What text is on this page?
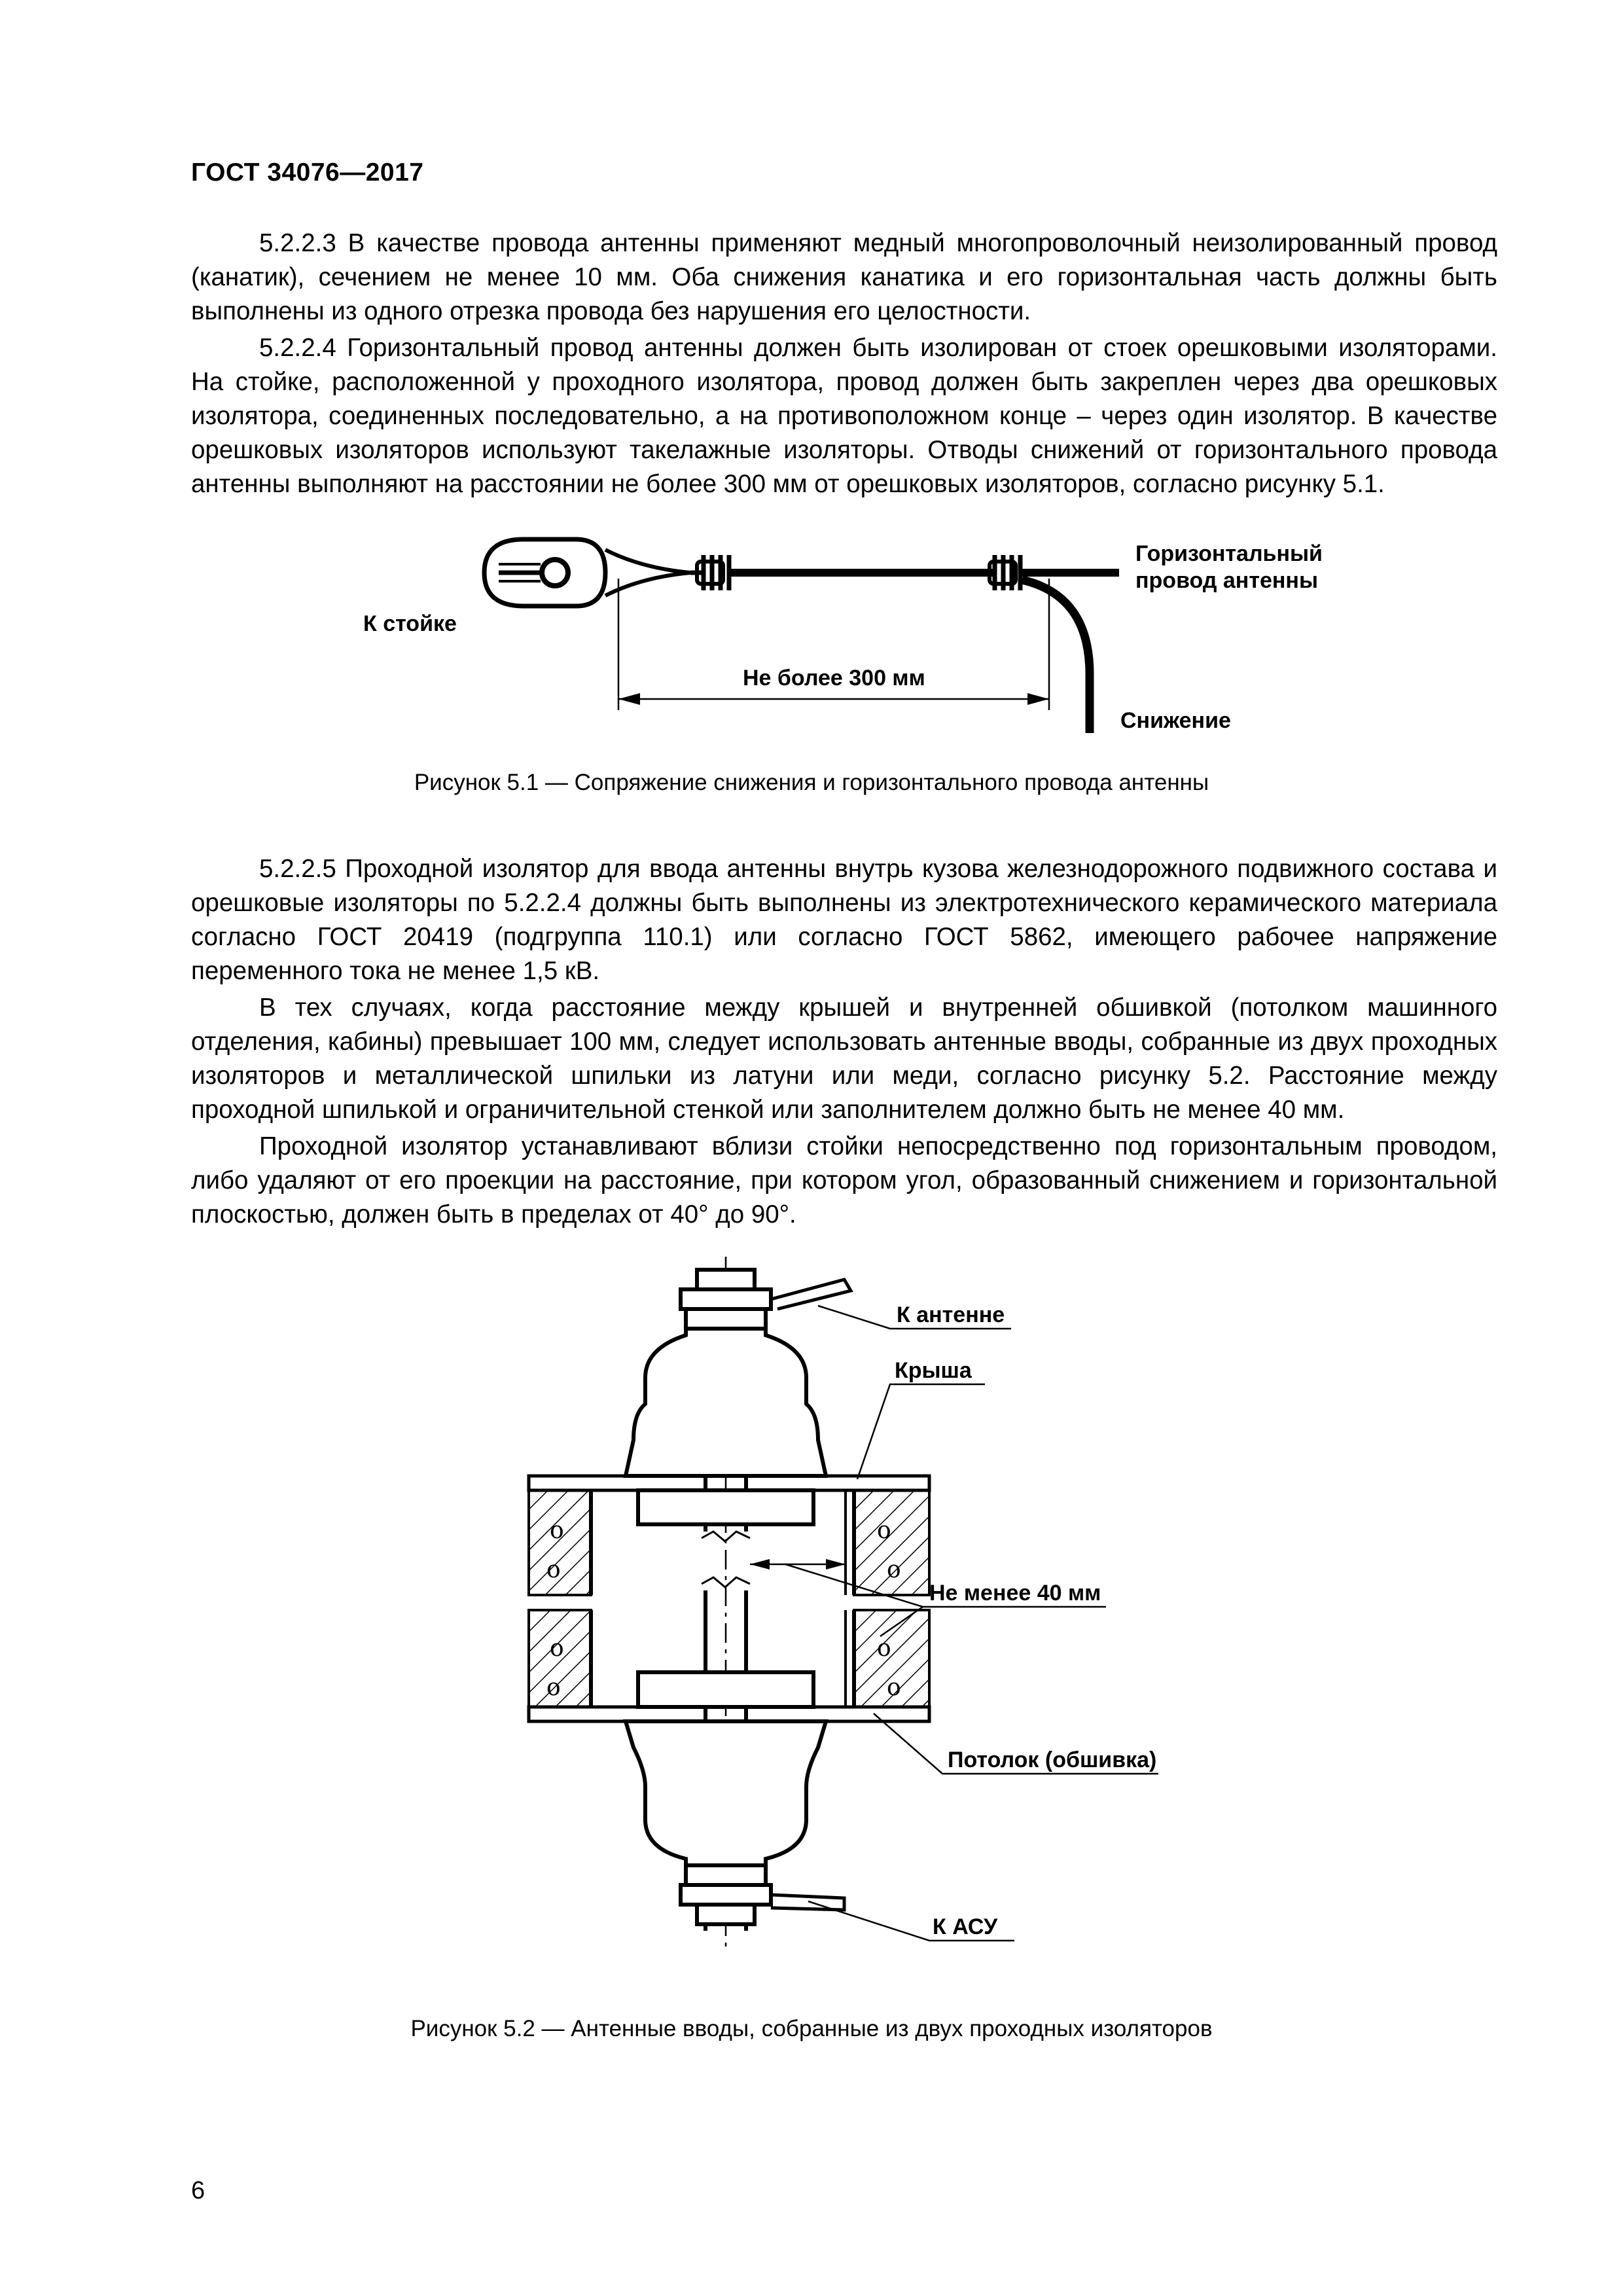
ГОСТ 34076—2017

5.2.2.3 В качестве провода антенны применяют медный многопроволочный неизолированный провод (канатик), сечением не менее 10 мм. Оба снижения канатика и его горизонтальная часть должны быть выполнены из одного отрезка провода без нарушения его целостности.

5.2.2.4 Горизонтальный провод антенны должен быть изолирован от стоек орешковыми изоляторами. На стойке, расположенной у проходного изолятора, провод должен быть закреплен через два орешковых изолятора, соединенных последовательно, а на противоположном конце – через один изолятор. В качестве орешковых изоляторов используют такелажные изоляторы. Отводы снижений от горизонтального провода антенны выполняют на расстоянии не более 300 мм от орешковых изоляторов, согласно рисунку 5.1.

К стойке
Горизонтальный
провод антенны
Не более 300 мм
Снижение
Рисунок 5.1 — Сопряжение снижения и горизонтального провода антенны

5.2.2.5 Проходной изолятор для ввода антенны внутрь кузова железнодорожного подвижного состава и орешковые изоляторы по 5.2.2.4 должны быть выполнены из электротехнического керамического материала согласно ГОСТ 20419 (подгруппа 110.1) или согласно ГОСТ 5862, имеющего рабочее напряжение переменного тока не менее 1,5 кВ.

В тех случаях, когда расстояние между крышей и внутренней обшивкой (потолком машинного отделения, кабины) превышает 100 мм, следует использовать антенные вводы, собранные из двух проходных изоляторов и металлической шпильки из латуни или меди, согласно рисунку 5.2. Расстояние между проходной шпилькой и ограничительной стенкой или заполнителем должно быть не менее 40 мм.

Проходной изолятор устанавливают вблизи стойки непосредственно под горизонтальным проводом, либо удаляют от его проекции на расстояние, при котором угол, образованный снижением и горизонтальной плоскостью, должен быть в пределах от 40° до 90°.

ο
ο
ο
ο
ο
ο
ο
ο
К антенне
Крыша
Не менее 40 мм
Потолок (обшивка)
К АСУ
Рисунок 5.2 — Антенные вводы, собранные из двух проходных изоляторов
6
